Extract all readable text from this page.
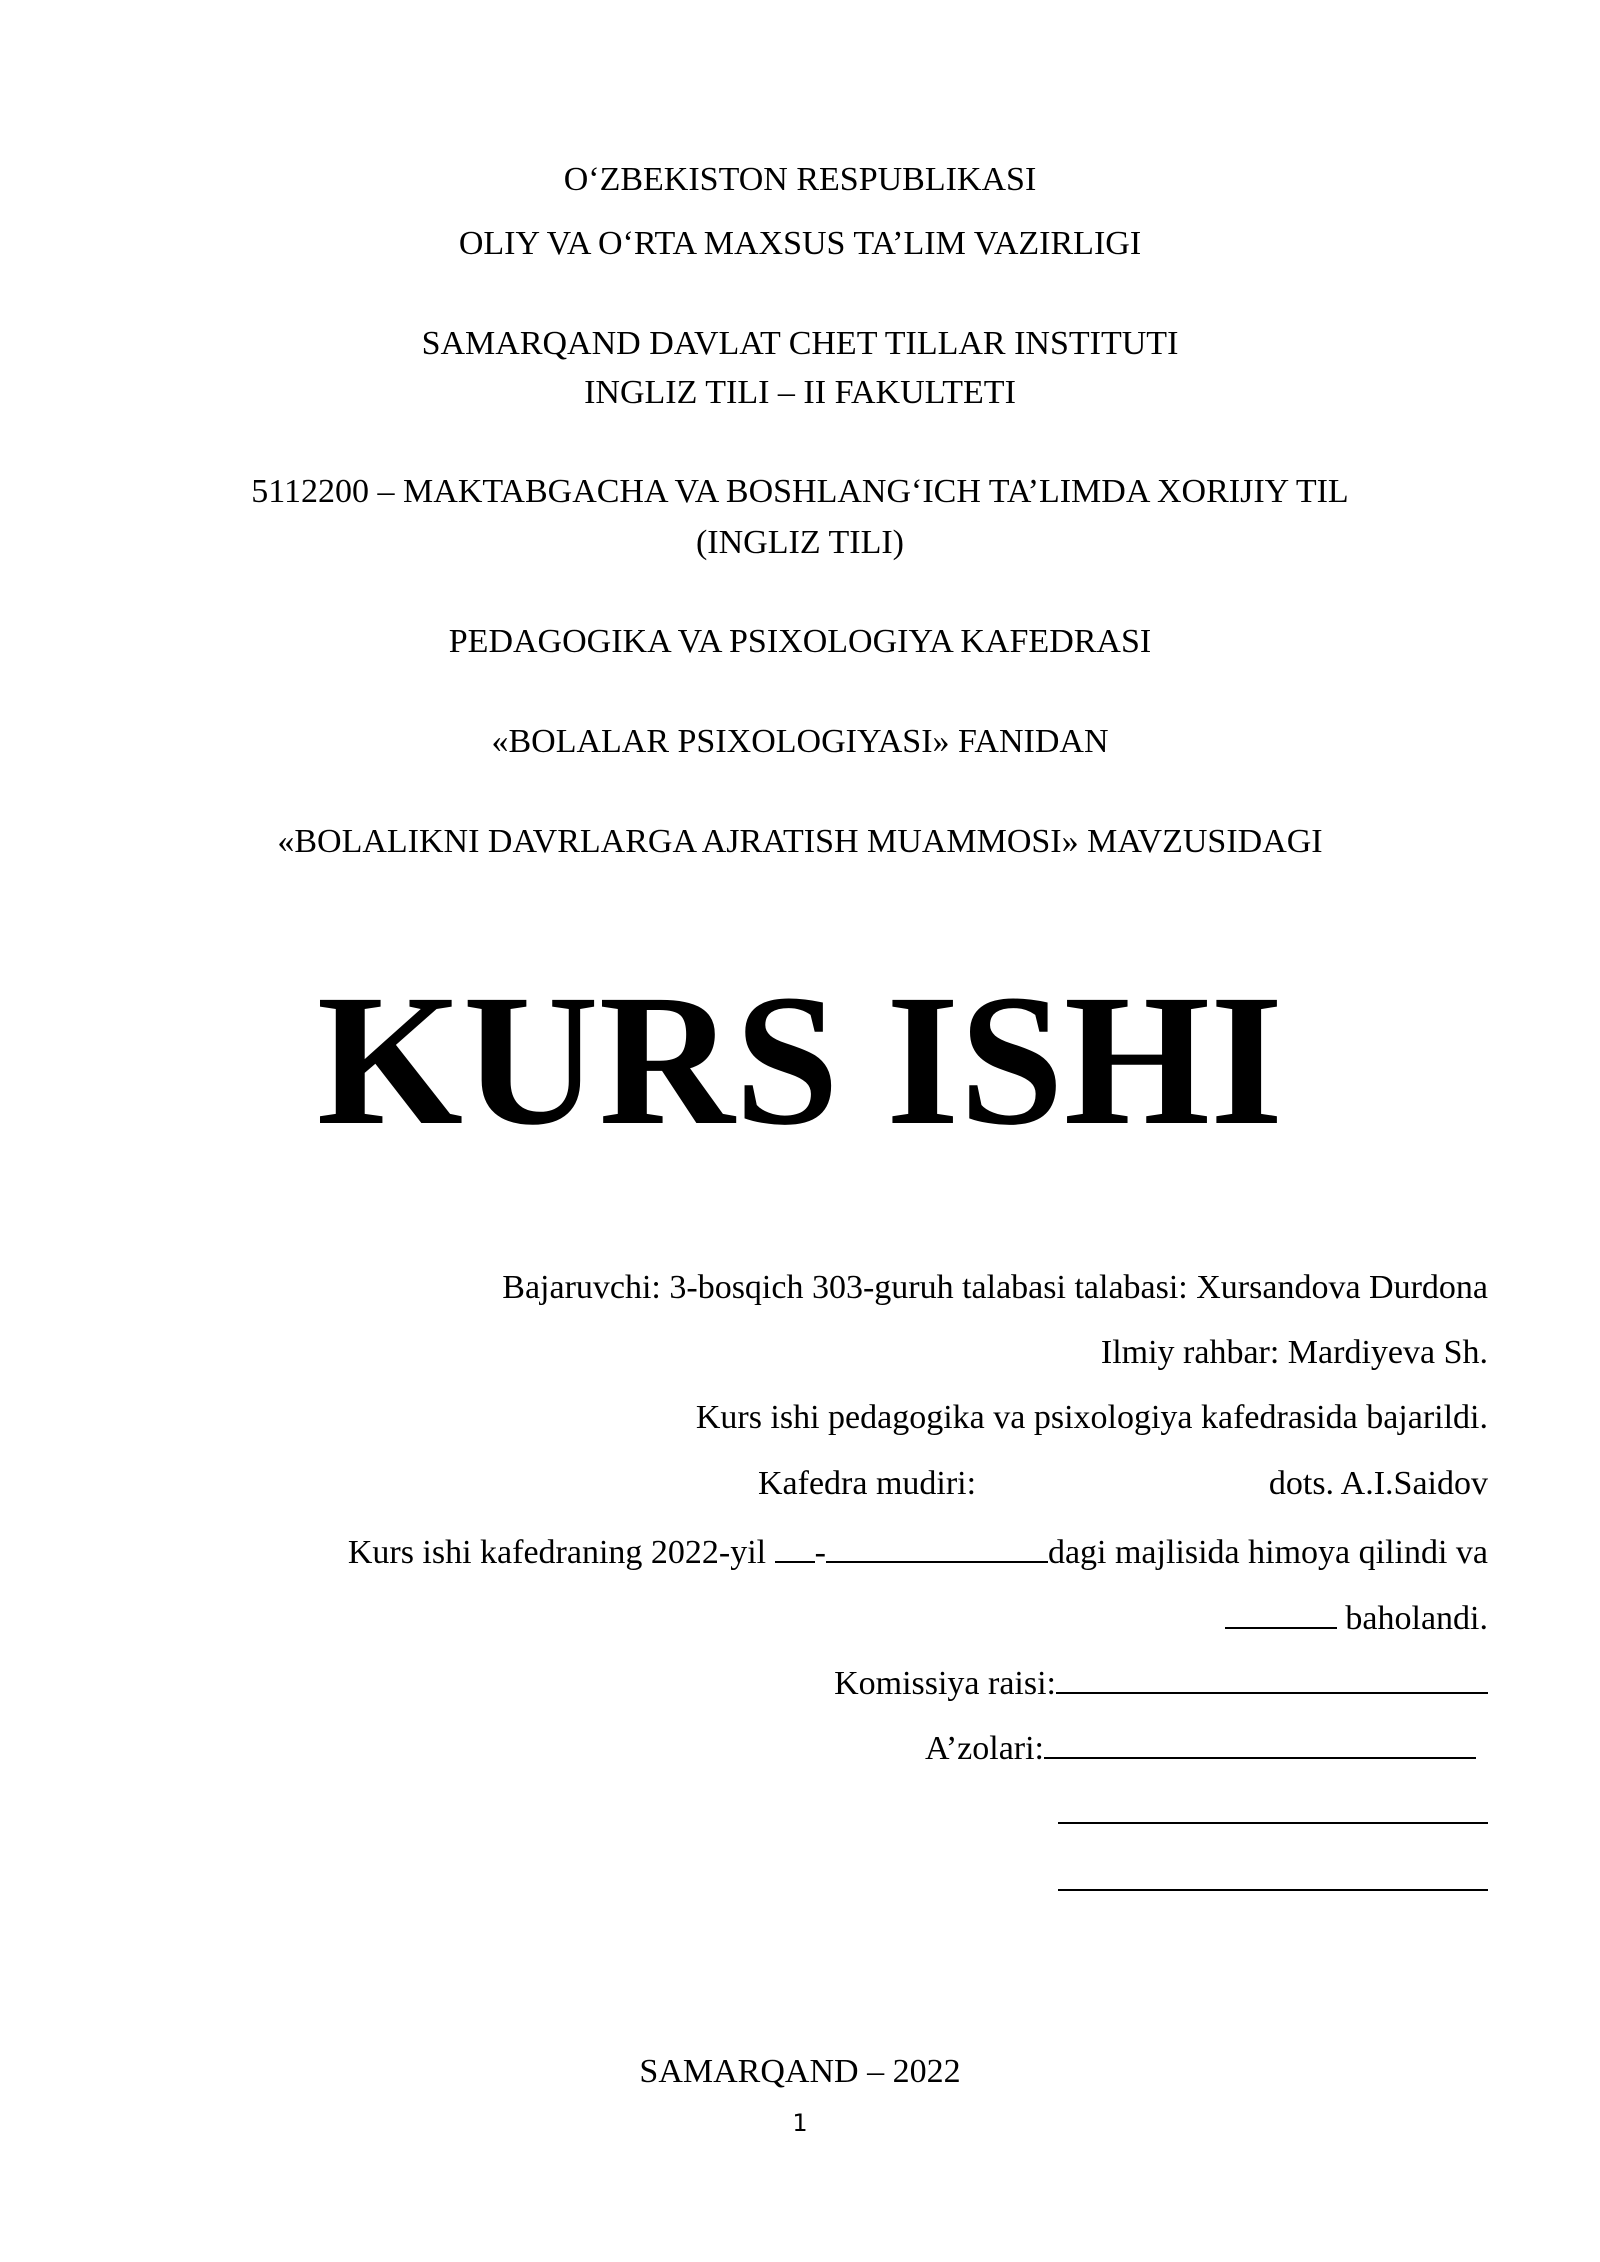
O‘ZBEKISTON RESPUBLIKASI
OLIY VA O‘RTA MAXSUS TA’LIM VAZIRLIGI
SAMARQAND DAVLAT CHET TILLAR INSTITUTI
INGLIZ TILI – II FAKULTETI
5112200 – MAKTABGACHA VA BOSHLANG‘ICH TA’LIMDA XORIJIY TIL
(INGLIZ TILI)
PEDAGOGIKA VA PSIXOLOGIYA KAFEDRASI
«BOLALAR PSIXOLOGIYASI» FANIDAN
«BOLALIKNI DAVRLARGA AJRATISH MUAMMOSI» MAVZUSIDAGI
KURS ISHI
Bajaruvchi: 3-bosqich 303-guruh talabasi talabasi: Xursandova Durdona
Ilmiy rahbar: Mardiyeva Sh.
Kurs ishi pedagogika va psixologiya kafedrasida bajarildi.
Kafedra mudiri:	dots. A.I.Saidov
Kurs ishi kafedraning 2022-yil -	dagi majlisida himoya qilindi va
baholandi.
Komissiya raisi:
A’zolari:
SAMARQAND – 2022
1
